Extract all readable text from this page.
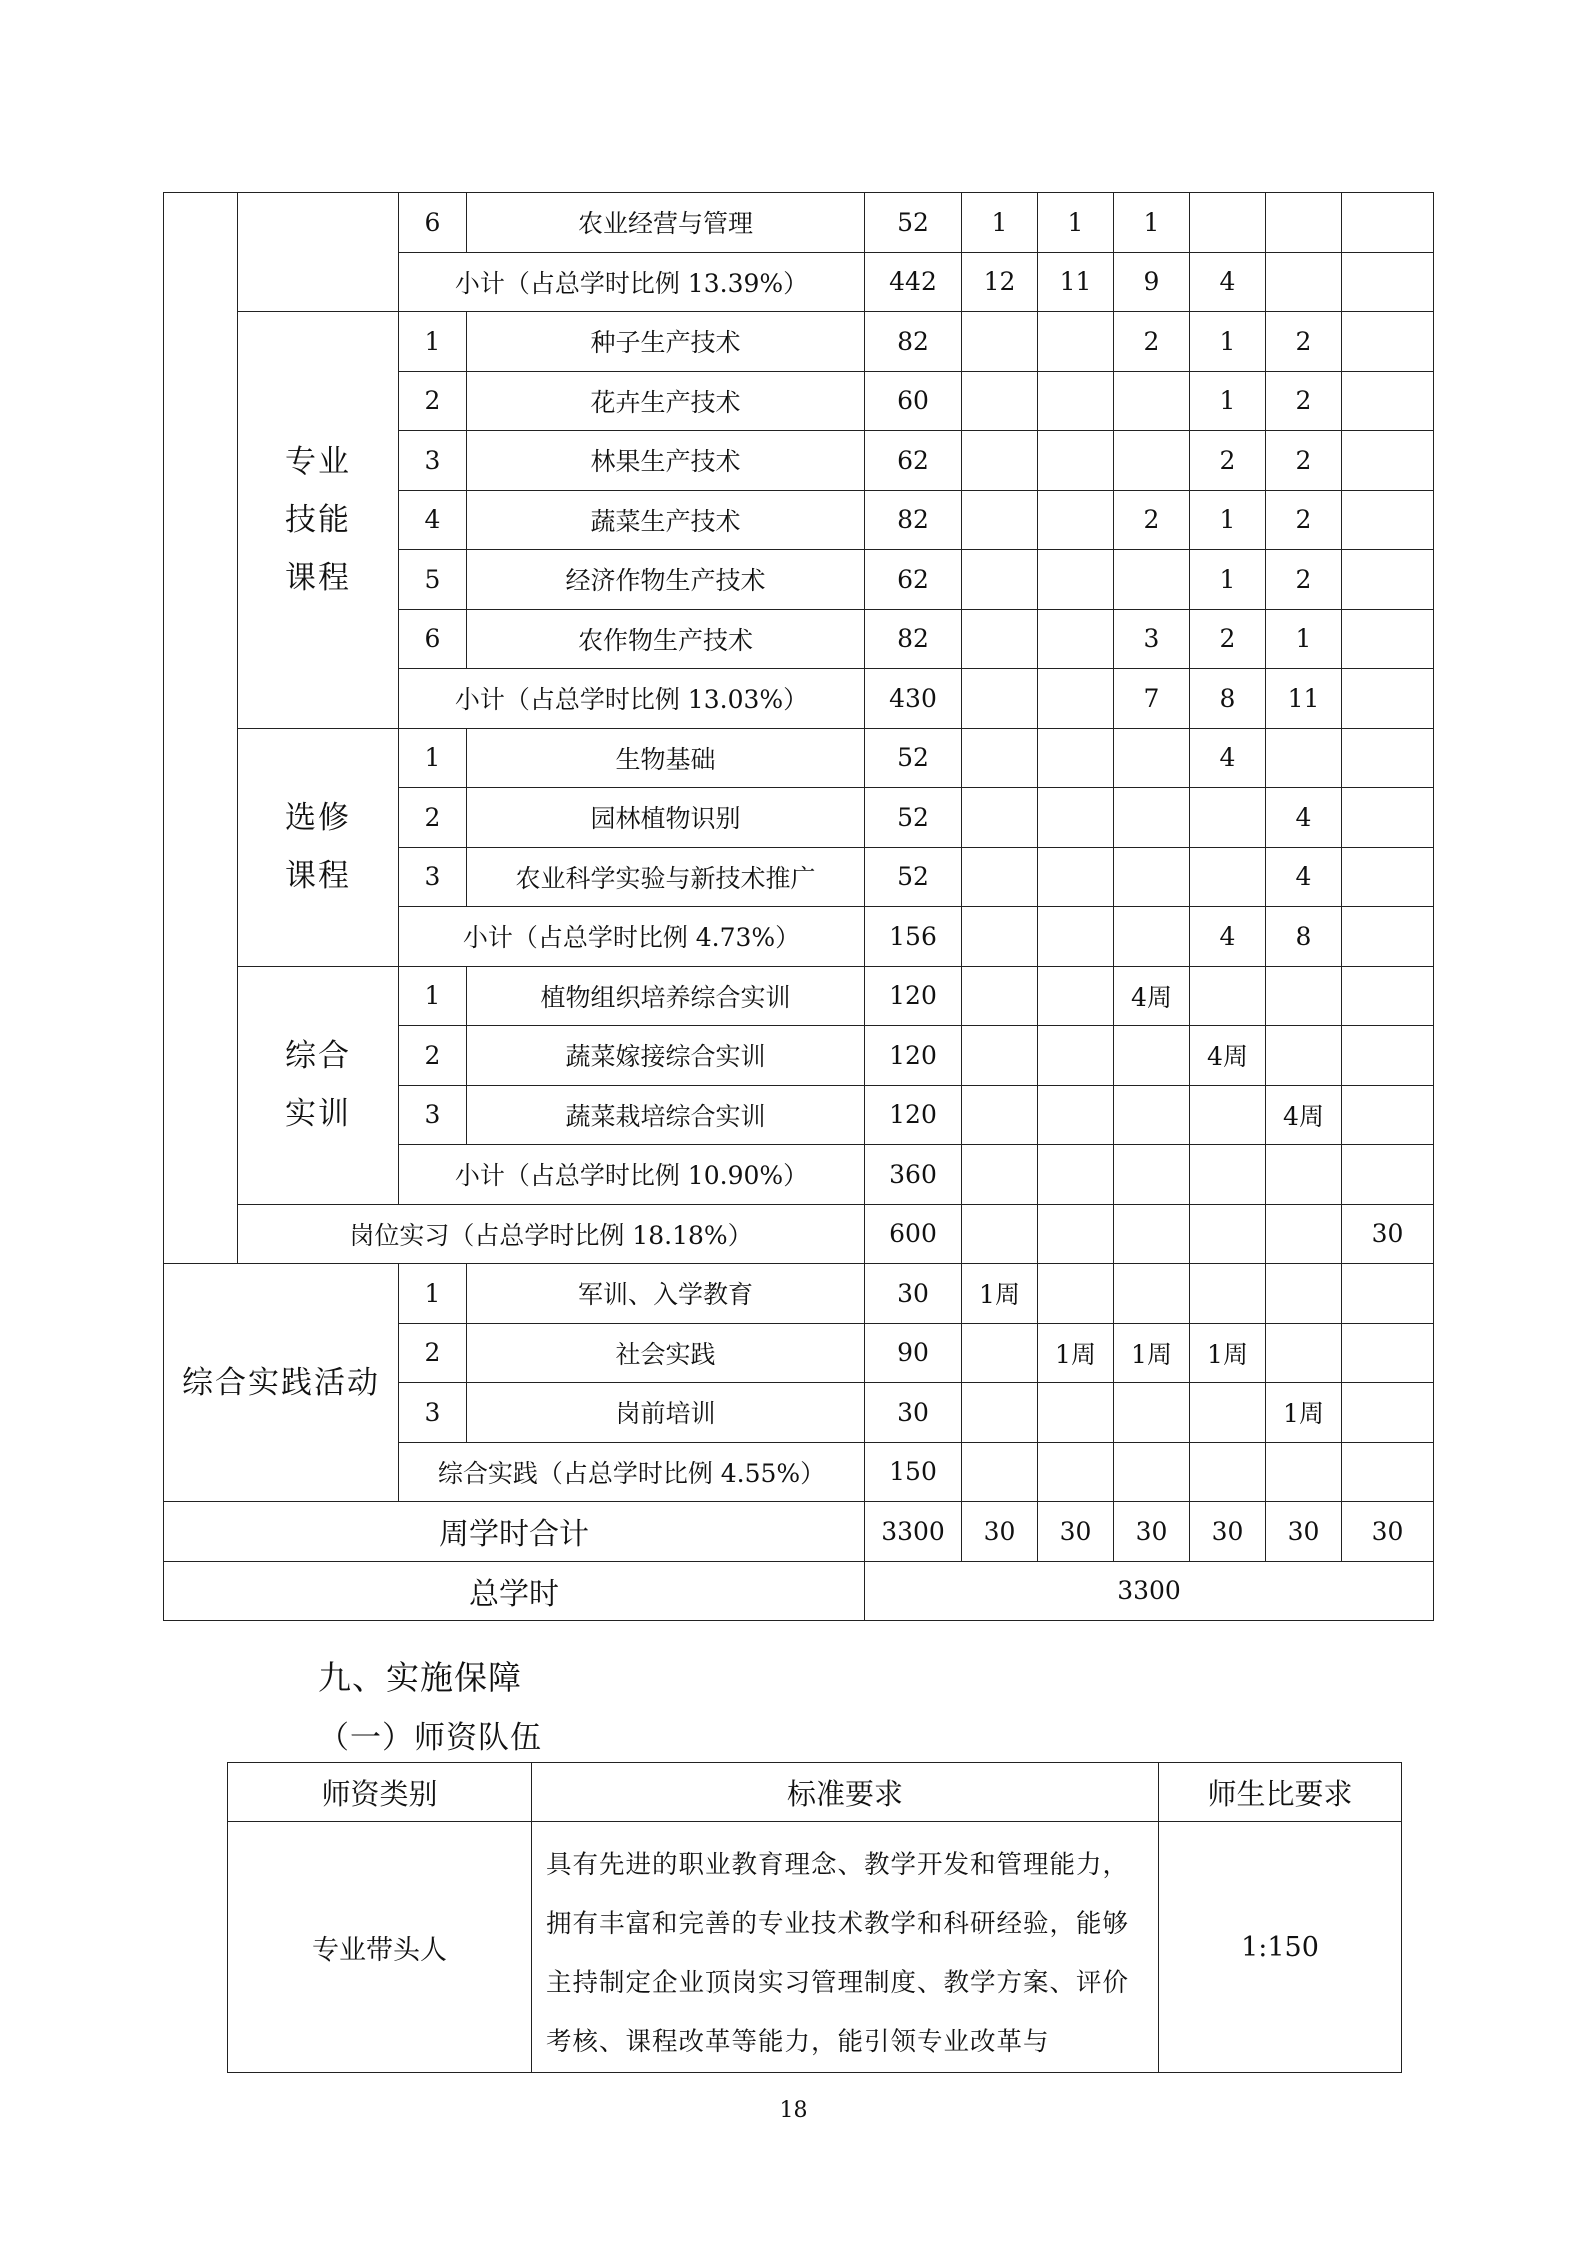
		6	农业经营与管理	52	1	1	1			
		小计（占总学时比例 13.39%）		442	12	11	9	4		

	专业
技能
课程	1	种子生产技术	82			2	1	2	
		2	花卉生产技术	60				1	2	
		3	林果生产技术	62				2	2	
		4	蔬菜生产技术	82			2	1	2	
		5	经济作物生产技术	62				1	2	
		6	农作物生产技术	82			3	2	1	
		小计（占总学时比例 13.03%）		430			7	8	11	

	选修
课程	1	生物基础	52				4		
		2	园林植物识别	52					4	
		3	农业科学实验与新技术推广	52					4	
		小计（占总学时比例 4.73%）		156				4	8	

	综合
实训	1	植物组织培养综合实训	120			4周			
		2	蔬菜嫁接综合实训	120				4周		
		3	蔬菜栽培综合实训	120					4周	
		小计（占总学时比例 10.90%）		360						
	岗位实习（占总学时比例 18.18%）			600						30
综合实践活动		1	军训、入学教育	30	1周					
		2	社会实践	90		1周	1周	1周		
		3	岗前培训	30					1周	
		综合实践（占总学时比例 4.55%）		150						
周学时合计				3300	30	30	30	30	30	30
总学时				3300						
九、实施保障
（一）师资队伍
师资类别	标准要求	师生比要求
专业带头人	具有先进的职业教育理念、教学开发和管理能力，拥有丰富和完善的专业技术教学和科研经验，能够主持制定企业顶岗实习管理制度、教学方案、评价考核、课程改革等能力，能引领专业改革与	1:150
18
